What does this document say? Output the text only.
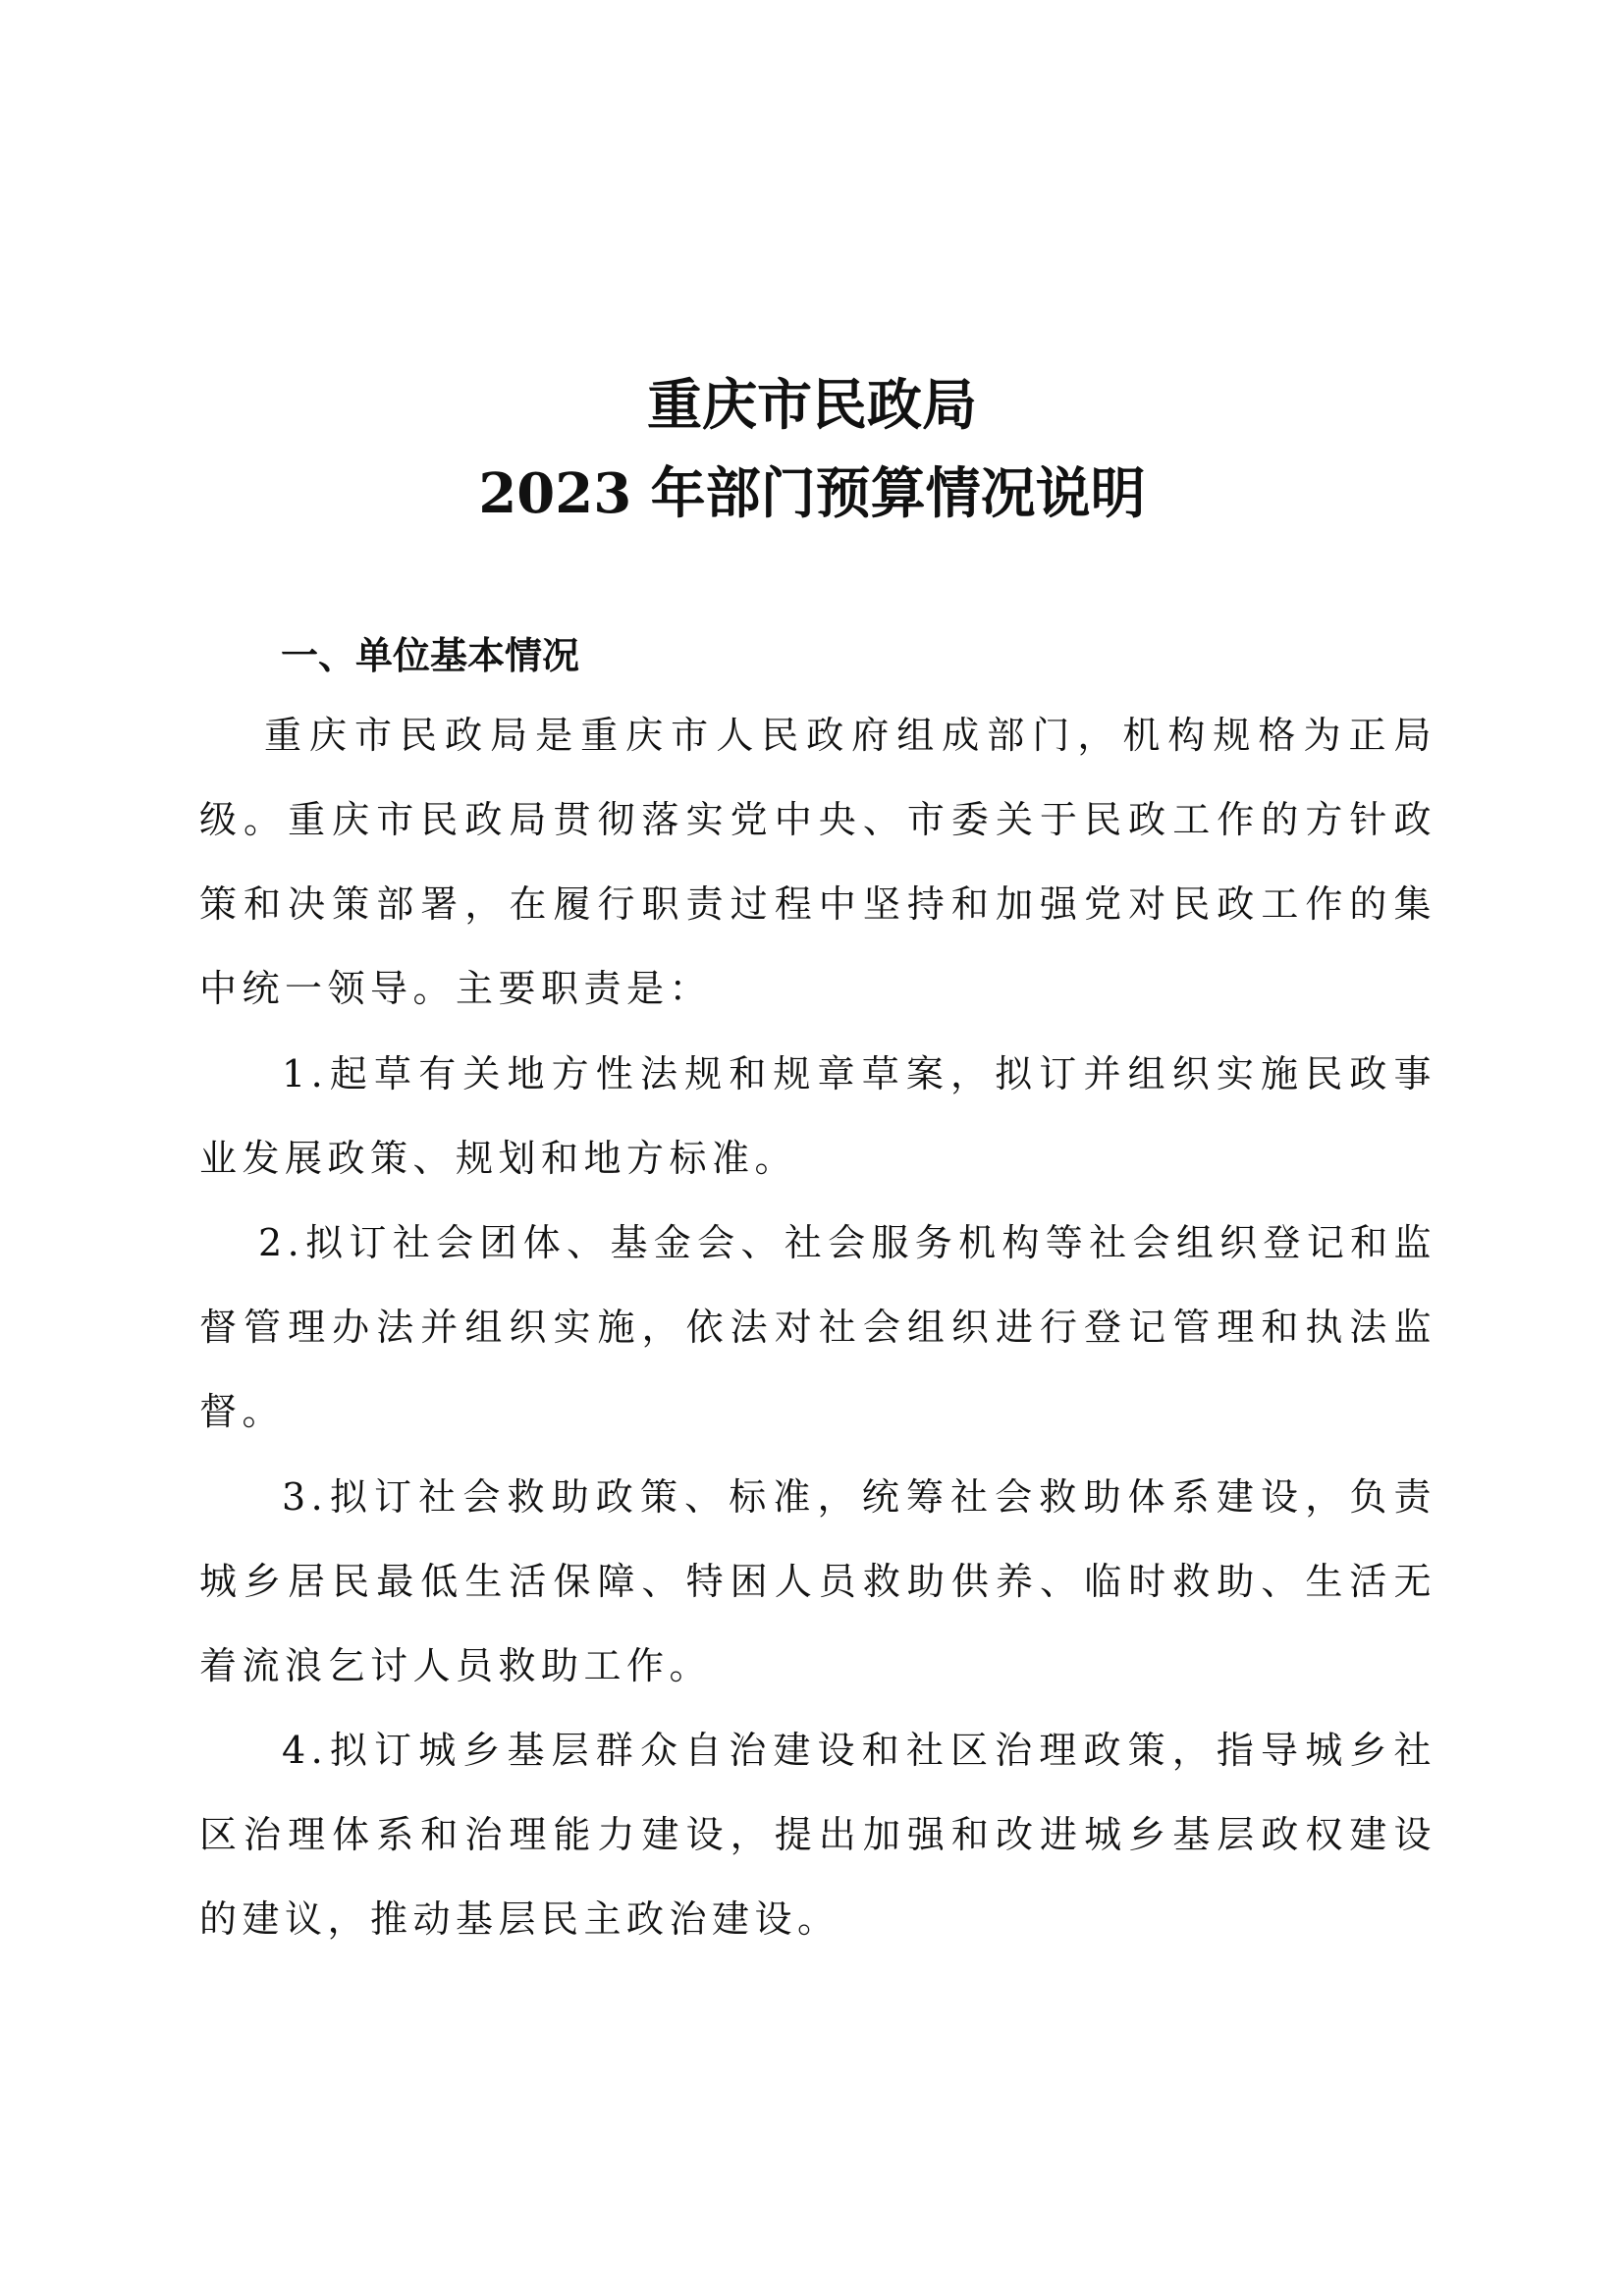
重庆市民政局
2023 年部门预算情况说明
一、单位基本情况

重庆市民政局是重庆市人民政府组成部门，机构规格为正局级。重庆市民政局贯彻落实党中央、市委关于民政工作的方针政策和决策部署，在履行职责过程中坚持和加强党对民政工作的集中统一领导。主要职责是：

1.起草有关地方性法规和规章草案，拟订并组织实施民政事业发展政策、规划和地方标准。

2.拟订社会团体、基金会、社会服务机构等社会组织登记和监督管理办法并组织实施，依法对社会组织进行登记管理和执法监督。

3.拟订社会救助政策、标准，统筹社会救助体系建设，负责城乡居民最低生活保障、特困人员救助供养、临时救助、生活无着流浪乞讨人员救助工作。

4.拟订城乡基层群众自治建设和社区治理政策，指导城乡社区治理体系和治理能力建设，提出加强和改进城乡基层政权建设的建议，推动基层民主政治建设。
